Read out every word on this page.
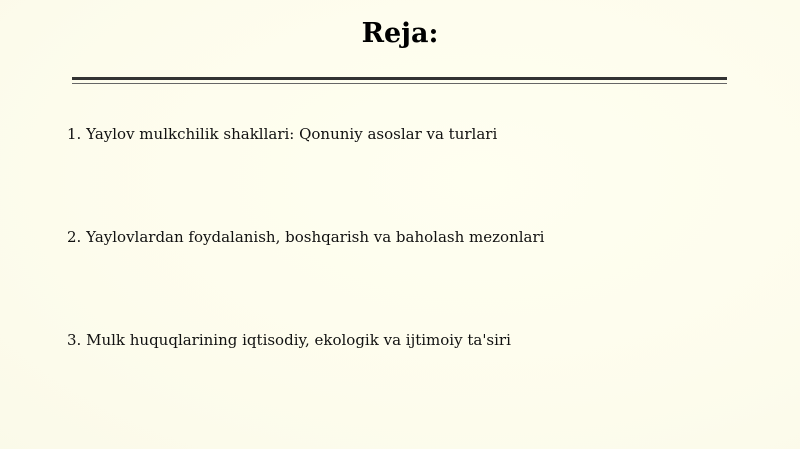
Reja:
1. Yaylov mulkchilik shakllari: Qonuniy asoslar va turlari
2. Yaylovlardan foydalanish, boshqarish va baholash mezonlari
3. Mulk huquqlarining iqtisodiy, ekologik va ijtimoiy ta'siri
